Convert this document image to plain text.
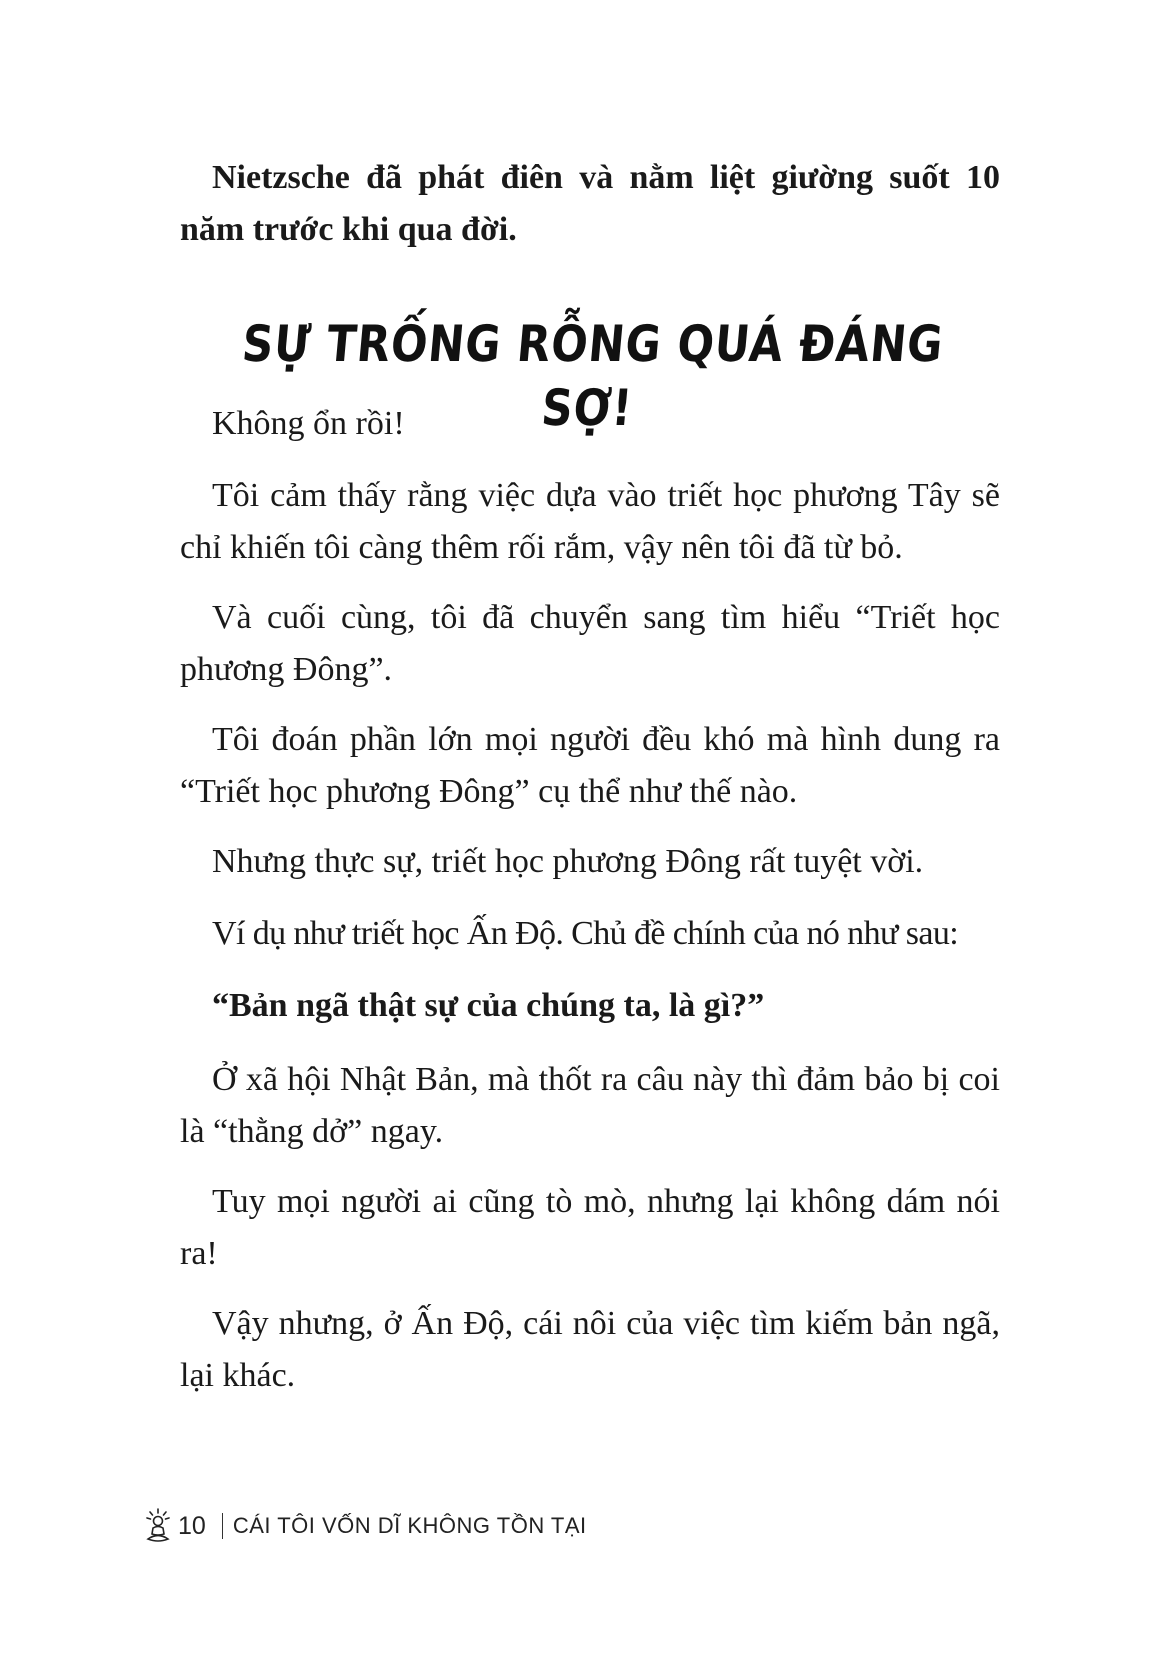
Nietzsche đã phát điên và nằm liệt giường suốt 10 năm trước khi qua đời.

SỰ TRỐNG RỖNG QUÁ ĐÁNG SỢ!

Không ổn rồi!

Tôi cảm thấy rằng việc dựa vào triết học phương Tây sẽ chỉ khiến tôi càng thêm rối rắm, vậy nên tôi đã từ bỏ.

Và cuối cùng, tôi đã chuyển sang tìm hiểu “Triết học phương Đông”.

Tôi đoán phần lớn mọi người đều khó mà hình dung ra “Triết học phương Đông” cụ thể như thế nào.

Nhưng thực sự, triết học phương Đông rất tuyệt vời.

Ví dụ như triết học Ấn Độ. Chủ đề chính của nó như sau:

“Bản ngã thật sự của chúng ta, là gì?”

Ở xã hội Nhật Bản, mà thốt ra câu này thì đảm bảo bị coi là “thằng dở” ngay.

Tuy mọi người ai cũng tò mò, nhưng lại không dám nói ra!

Vậy nhưng, ở Ấn Độ, cái nôi của việc tìm kiếm bản ngã, lại khác.

10 CÁI TÔI VỐN DĨ KHÔNG TỒN TẠI
